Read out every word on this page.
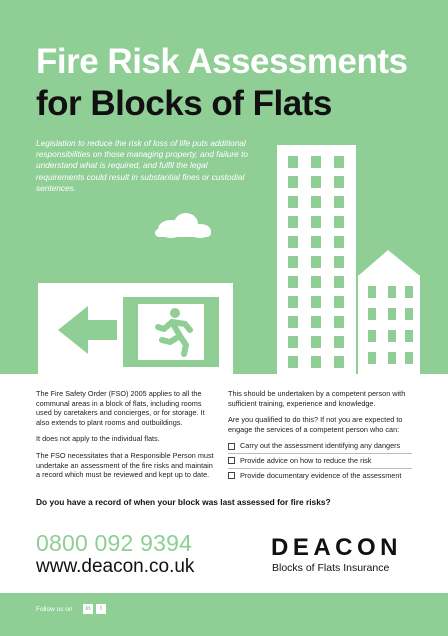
Fire Risk Assessments
for Blocks of Flats
Legislation to reduce the risk of loss of life puts additional responsibilities on those managing property, and failure to understand what is required, and fulfil the legal requirements could result in substantial fines or custodial sentences.

The Fire Safety Order (FSO) 2005 applies to all the communal areas in a block of flats, including rooms used by caretakers and concierges, or for storage. It also extends to plant rooms and outbuildings.

It does not apply to the individual flats.

The FSO necessitates that a Responsible Person must undertake an assessment of the fire risks and maintain a record which must be reviewed and kept up to date.

This should be undertaken by a competent person with sufficient training, experience and knowledge.

Are you qualified to do this? If not you are expected to engage the services of a competent person who can:

Carry out the assessment identifying any dangers
Provide advice on how to reduce the risk
Provide documentary evidence of the assessment
Do you have a record of when your block was last assessed for fire risks?
0800 092 9394
www.deacon.co.uk
DEACON
Blocks of Flats Insurance
Follow us on	in	t
